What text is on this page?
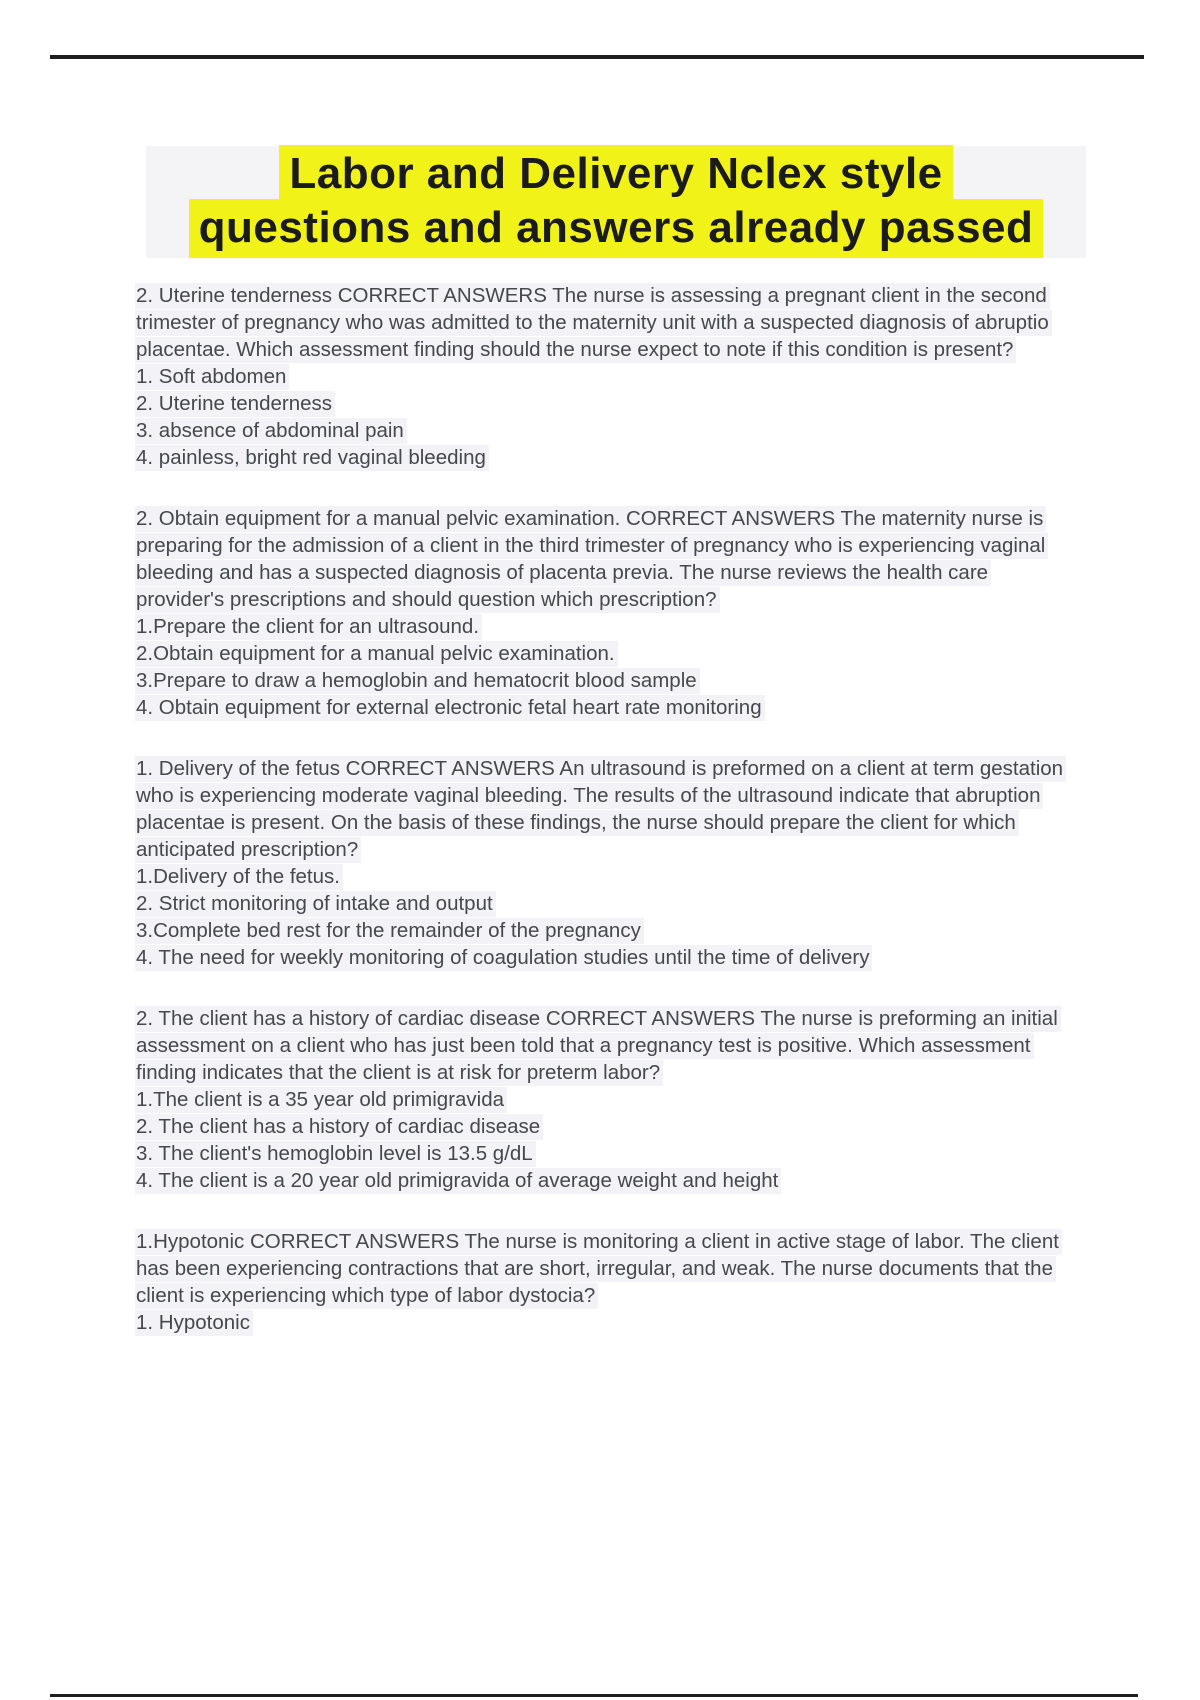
Labor and Delivery Nclex style
questions and answers already passed

2. Uterine tenderness CORRECT ANSWERS The nurse is assessing a pregnant client in the second trimester of pregnancy who was admitted to the maternity unit with a suspected diagnosis of abruptio placentae. Which assessment finding should the nurse expect to note if this condition is present?

1. Soft abdomen
2. Uterine tenderness
3. absence of abdominal pain
4. painless, bright red vaginal bleeding

2. Obtain equipment for a manual pelvic examination. CORRECT ANSWERS The maternity nurse is preparing for the admission of a client in the third trimester of pregnancy who is experiencing vaginal bleeding and has a suspected diagnosis of placenta previa. The nurse reviews the health care provider's prescriptions and should question which prescription?

1.Prepare the client for an ultrasound.
2.Obtain equipment for a manual pelvic examination.
3.Prepare to draw a hemoglobin and hematocrit blood sample
4. Obtain equipment for external electronic fetal heart rate monitoring

1. Delivery of the fetus CORRECT ANSWERS An ultrasound is preformed on a client at term gestation who is experiencing moderate vaginal bleeding. The results of the ultrasound indicate that abruption placentae is present. On the basis of these findings, the nurse should prepare the client for which anticipated prescription?

1.Delivery of the fetus.
2. Strict monitoring of intake and output
3.Complete bed rest for the remainder of the pregnancy
4. The need for weekly monitoring of coagulation studies until the time of delivery

2. The client has a history of cardiac disease CORRECT ANSWERS The nurse is preforming an initial assessment on a client who has just been told that a pregnancy test is positive. Which assessment finding indicates that the client is at risk for preterm labor?

1.The client is a 35 year old primigravida
2. The client has a history of cardiac disease
3. The client's hemoglobin level is 13.5 g/dL
4. The client is a 20 year old primigravida of average weight and height

1.Hypotonic CORRECT ANSWERS The nurse is monitoring a client in active stage of labor. The client has been experiencing contractions that are short, irregular, and weak. The nurse documents that the client is experiencing which type of labor dystocia?

1. Hypotonic
